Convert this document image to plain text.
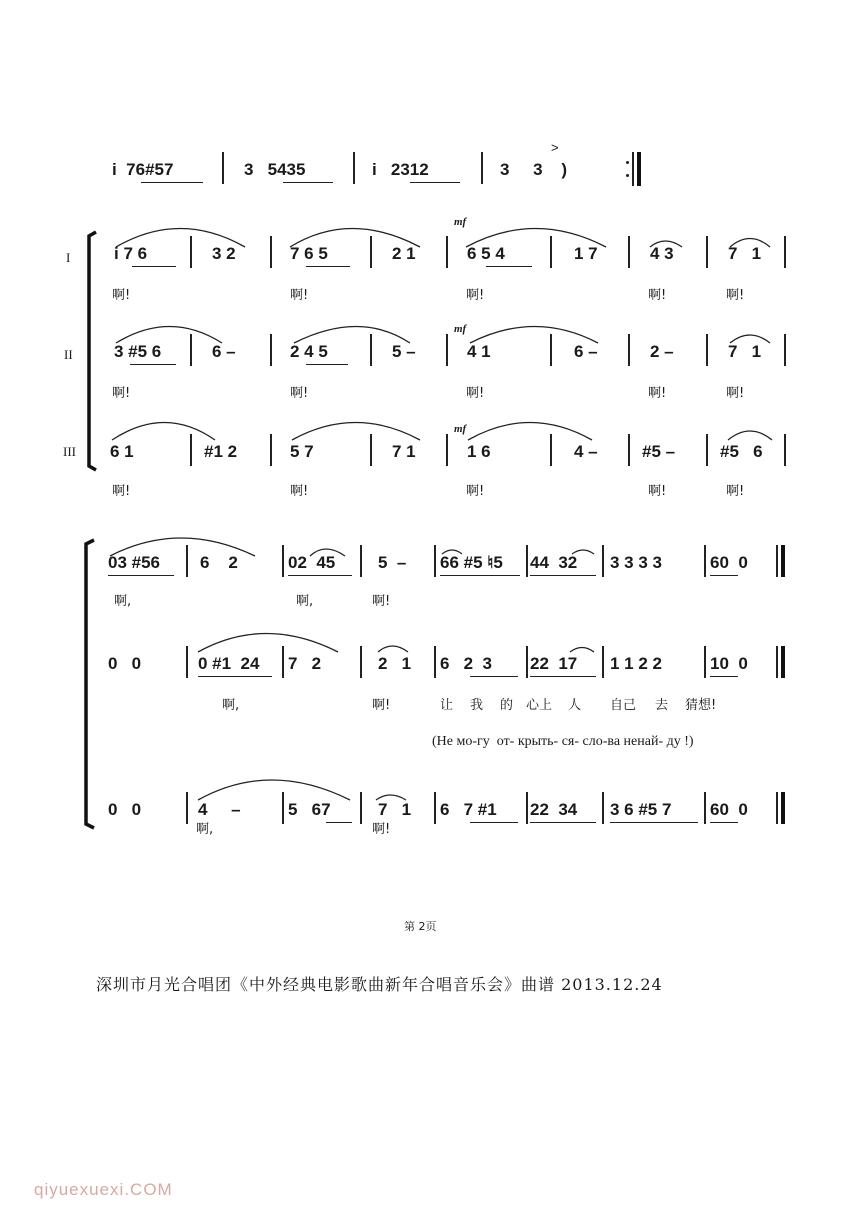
i  76#57	3   5435	i   2312	3     3    )
>
I
II
III
mf
mf
mf
i 7 6	3 2	7 6 5	2 1	6 5 4	1 7	4 3	7   1
啊!	啊!	啊!	啊!	啊!
3 #5 6	6 –	2 4 5	5 –	4 1	6 –	2 –	7   1
啊!	啊!	啊!	啊!	啊!
6 1	#1 2	5 7	7 1	1 6	4 –	#5 –	#5   6
啊!	啊!	啊!	啊!	啊!
03 #56 6    2	02  45	5  – 66 #5 ♮5 44  32 3 3 3 3	60  0
啊,	啊,	啊!
0   0	0 #1  24 7   2	2   1 6   2  3 22  17 1 1 2 2	10  0
啊,	啊!	让 我 的 心上 人 自己 去 猜想!
(Не мо-гу  от- крыть- ся- сло-ва ненай- ду !)
0   0	4     –	5   67	7   1 6   7 #1 22  34 3 6 #5 7 60  0
啊,	啊!
第 2页
深圳市月光合唱团《中外经典电影歌曲新年合唱音乐会》曲谱 2013.12.24
qiyuexuexi.COM
